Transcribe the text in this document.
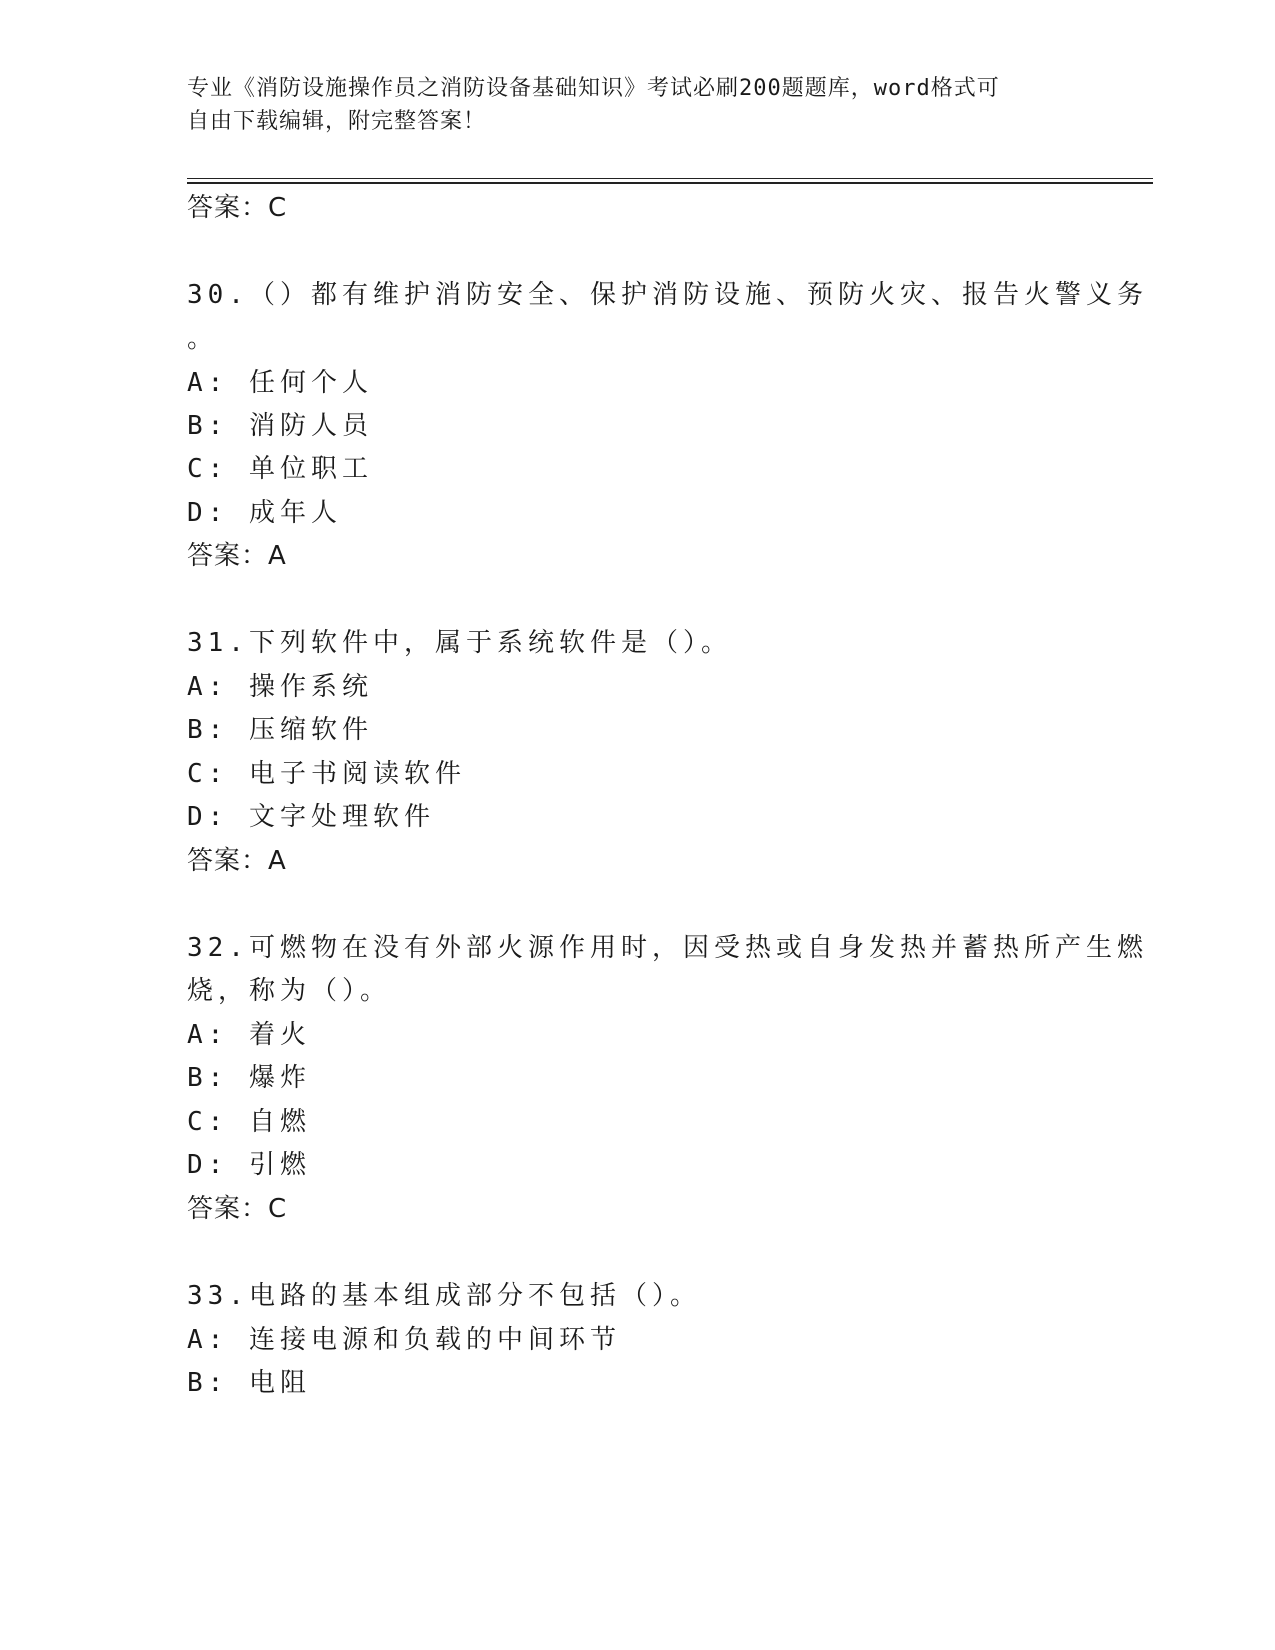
专业《消防设施操作员之消防设备基础知识》考试必刷200题题库，word格式可
自由下载编辑，附完整答案！
答案：C
30.（）都有维护消防安全、保护消防设施、预防火灾、报告火警义务
。
A: 任何个人
B: 消防人员
C: 单位职工
D: 成年人
答案：A
31.下列软件中，属于系统软件是（）。
A: 操作系统
B: 压缩软件
C: 电子书阅读软件
D: 文字处理软件
答案：A
32.可燃物在没有外部火源作用时，因受热或自身发热并蓄热所产生燃
烧，称为（）。
A: 着火
B: 爆炸
C: 自燃
D: 引燃
答案：C
33.电路的基本组成部分不包括（）。
A: 连接电源和负载的中间环节
B: 电阻
